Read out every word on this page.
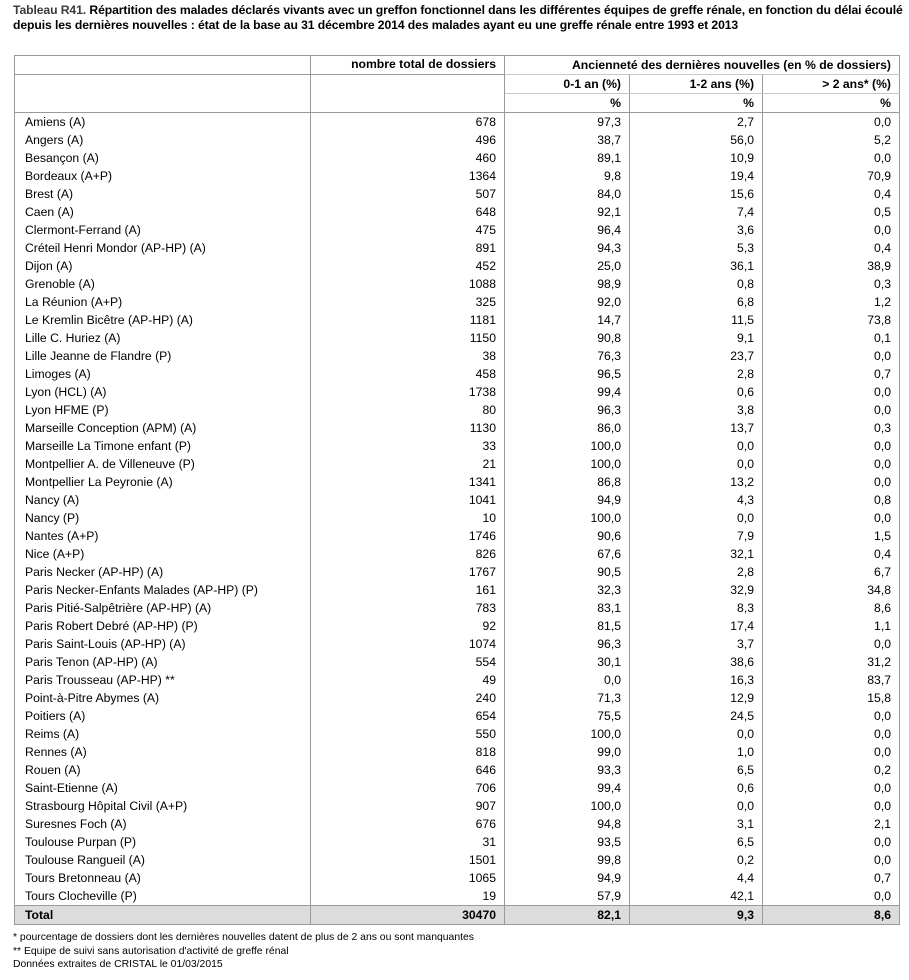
Tableau R41. Répartition des malades déclarés vivants avec un greffon fonctionnel dans les différentes équipes de greffe rénale, en fonction du délai écoulé depuis les dernières nouvelles : état de la base au 31 décembre 2014 des malades ayant eu une greffe rénale entre 1993 et 2013
	nombre total de dossiers	Ancienneté des dernières nouvelles (en % de dossiers)		
		0-1 an (%)	1-2 ans (%)	> 2 ans* (%)
		%	%	%
Amiens (A)	678	97,3	2,7	0,0
Angers (A)	496	38,7	56,0	5,2
Besançon (A)	460	89,1	10,9	0,0
Bordeaux (A+P)	1364	9,8	19,4	70,9
Brest (A)	507	84,0	15,6	0,4
Caen (A)	648	92,1	7,4	0,5
Clermont-Ferrand (A)	475	96,4	3,6	0,0
Créteil Henri Mondor (AP-HP) (A)	891	94,3	5,3	0,4
Dijon (A)	452	25,0	36,1	38,9
Grenoble (A)	1088	98,9	0,8	0,3
La Réunion (A+P)	325	92,0	6,8	1,2
Le Kremlin Bicêtre (AP-HP) (A)	1181	14,7	11,5	73,8
Lille C. Huriez (A)	1150	90,8	9,1	0,1
Lille Jeanne de Flandre (P)	38	76,3	23,7	0,0
Limoges (A)	458	96,5	2,8	0,7
Lyon (HCL) (A)	1738	99,4	0,6	0,0
Lyon HFME (P)	80	96,3	3,8	0,0
Marseille Conception (APM) (A)	1130	86,0	13,7	0,3
Marseille La Timone enfant (P)	33	100,0	0,0	0,0
Montpellier A. de Villeneuve (P)	21	100,0	0,0	0,0
Montpellier La Peyronie (A)	1341	86,8	13,2	0,0
Nancy (A)	1041	94,9	4,3	0,8
Nancy (P)	10	100,0	0,0	0,0
Nantes (A+P)	1746	90,6	7,9	1,5
Nice (A+P)	826	67,6	32,1	0,4
Paris Necker (AP-HP) (A)	1767	90,5	2,8	6,7
Paris Necker-Enfants Malades (AP-HP) (P)	161	32,3	32,9	34,8
Paris Pitié-Salpêtrière (AP-HP) (A)	783	83,1	8,3	8,6
Paris Robert Debré (AP-HP) (P)	92	81,5	17,4	1,1
Paris Saint-Louis (AP-HP) (A)	1074	96,3	3,7	0,0
Paris Tenon (AP-HP) (A)	554	30,1	38,6	31,2
Paris Trousseau (AP-HP) **	49	0,0	16,3	83,7
Point-à-Pitre Abymes (A)	240	71,3	12,9	15,8
Poitiers (A)	654	75,5	24,5	0,0
Reims (A)	550	100,0	0,0	0,0
Rennes (A)	818	99,0	1,0	0,0
Rouen (A)	646	93,3	6,5	0,2
Saint-Etienne (A)	706	99,4	0,6	0,0
Strasbourg Hôpital Civil (A+P)	907	100,0	0,0	0,0
Suresnes Foch (A)	676	94,8	3,1	2,1
Toulouse Purpan (P)	31	93,5	6,5	0,0
Toulouse Rangueil (A)	1501	99,8	0,2	0,0
Tours Bretonneau (A)	1065	94,9	4,4	0,7
Tours Clocheville (P)	19	57,9	42,1	0,0
Total	30470	82,1	9,3	8,6
* pourcentage de dossiers dont les dernières nouvelles datent de plus de 2 ans ou sont manquantes
** Equipe de suivi sans autorisation d'activité de greffe rénal
Données extraites de CRISTAL le 01/03/2015
